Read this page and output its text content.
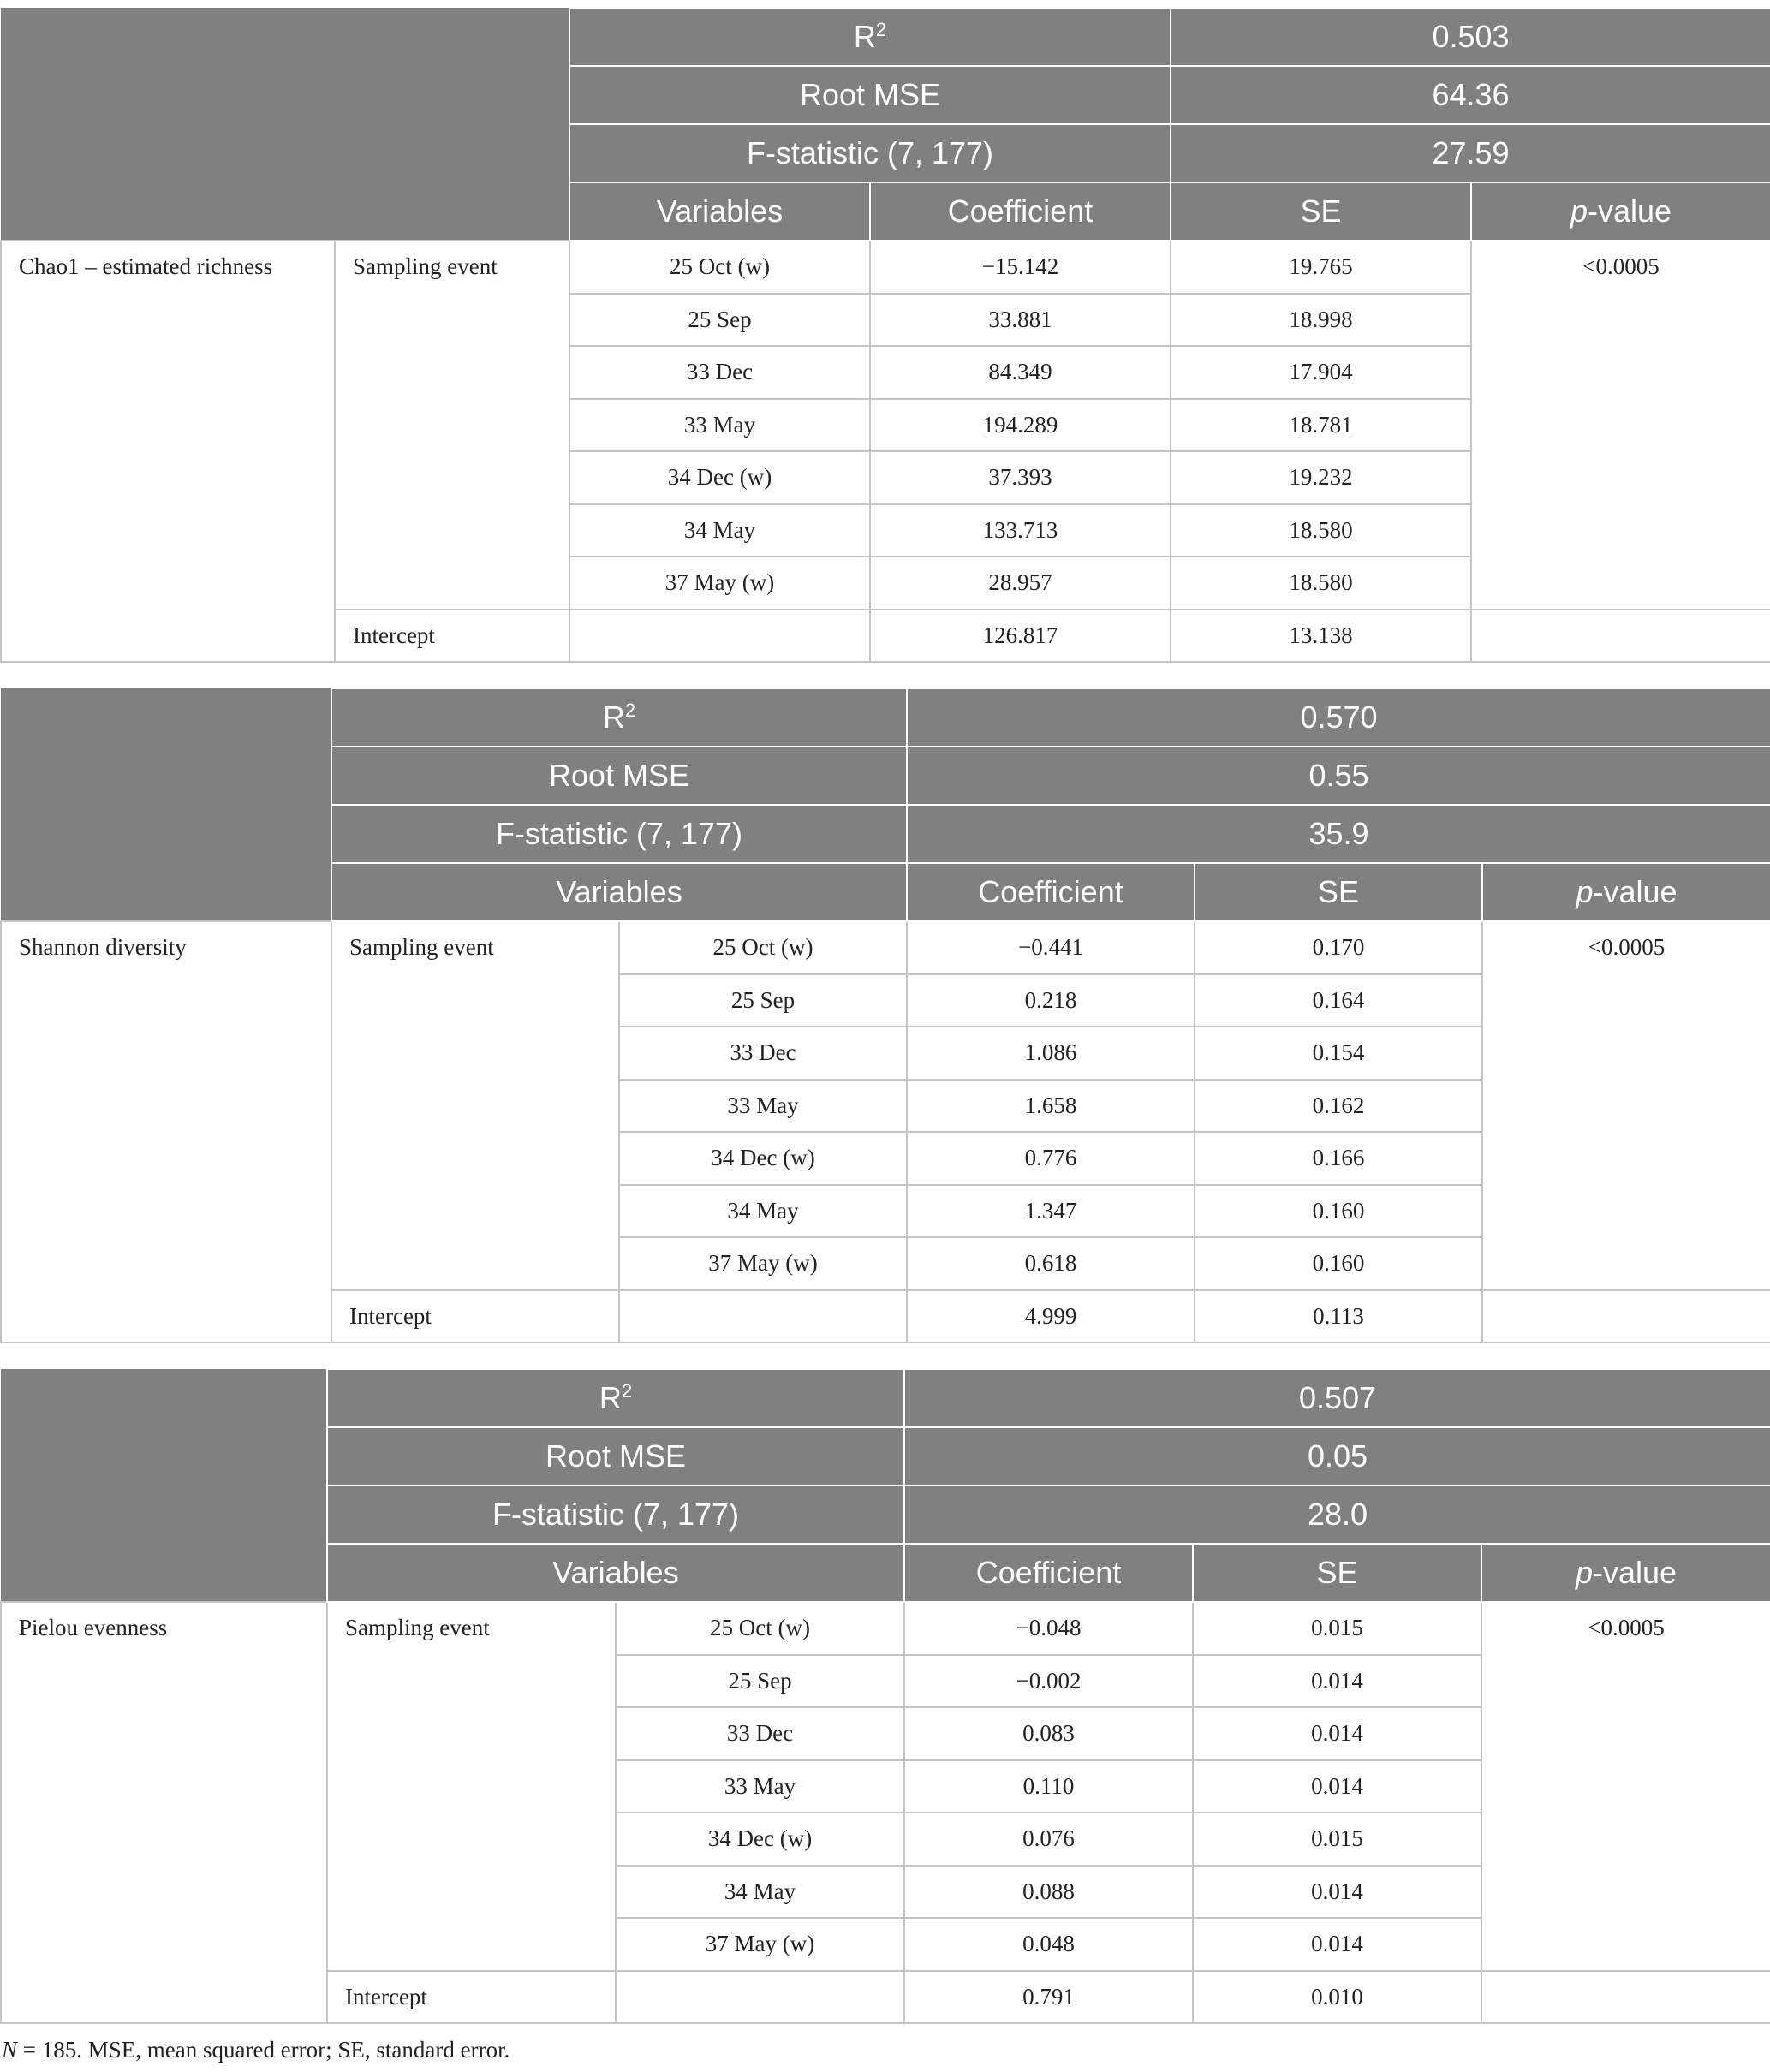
		$R^2$		0.503	
		Root MSE		64.36	
		F-statistic (7, 177)		27.59	
		Variables	Coefficient	SE	p-value
Chao1 – estimated richness	Sampling event	25 Oct (w)	−15.142	19.765	<0.0005
		25 Sep	33.881	18.998	
		33 Dec	84.349	17.904	
		33 May	194.289	18.781	
		34 Dec (w)	37.393	19.232	
		34 May	133.713	18.580	
		37 May (w)	28.957	18.580	
	Intercept		126.817	13.138	
	$R^2$		0.570		
	Root MSE		0.55		
	F-statistic (7, 177)		35.9		
	Variables		Coefficient	SE	p-value
Shannon diversity	Sampling event	25 Oct (w)	−0.441	0.170	<0.0005
		25 Sep	0.218	0.164	
		33 Dec	1.086	0.154	
		33 May	1.658	0.162	
		34 Dec (w)	0.776	0.166	
		34 May	1.347	0.160	
		37 May (w)	0.618	0.160	
	Intercept		4.999	0.113	
	$R^2$		0.507		
	Root MSE		0.05		
	F-statistic (7, 177)		28.0		
	Variables		Coefficient	SE	p-value
Pielou evenness	Sampling event	25 Oct (w)	−0.048	0.015	<0.0005
		25 Sep	−0.002	0.014	
		33 Dec	0.083	0.014	
		33 May	0.110	0.014	
		34 Dec (w)	0.076	0.015	
		34 May	0.088	0.014	
		37 May (w)	0.048	0.014	
	Intercept		0.791	0.010	
N = 185. MSE, mean squared error; SE, standard error.
